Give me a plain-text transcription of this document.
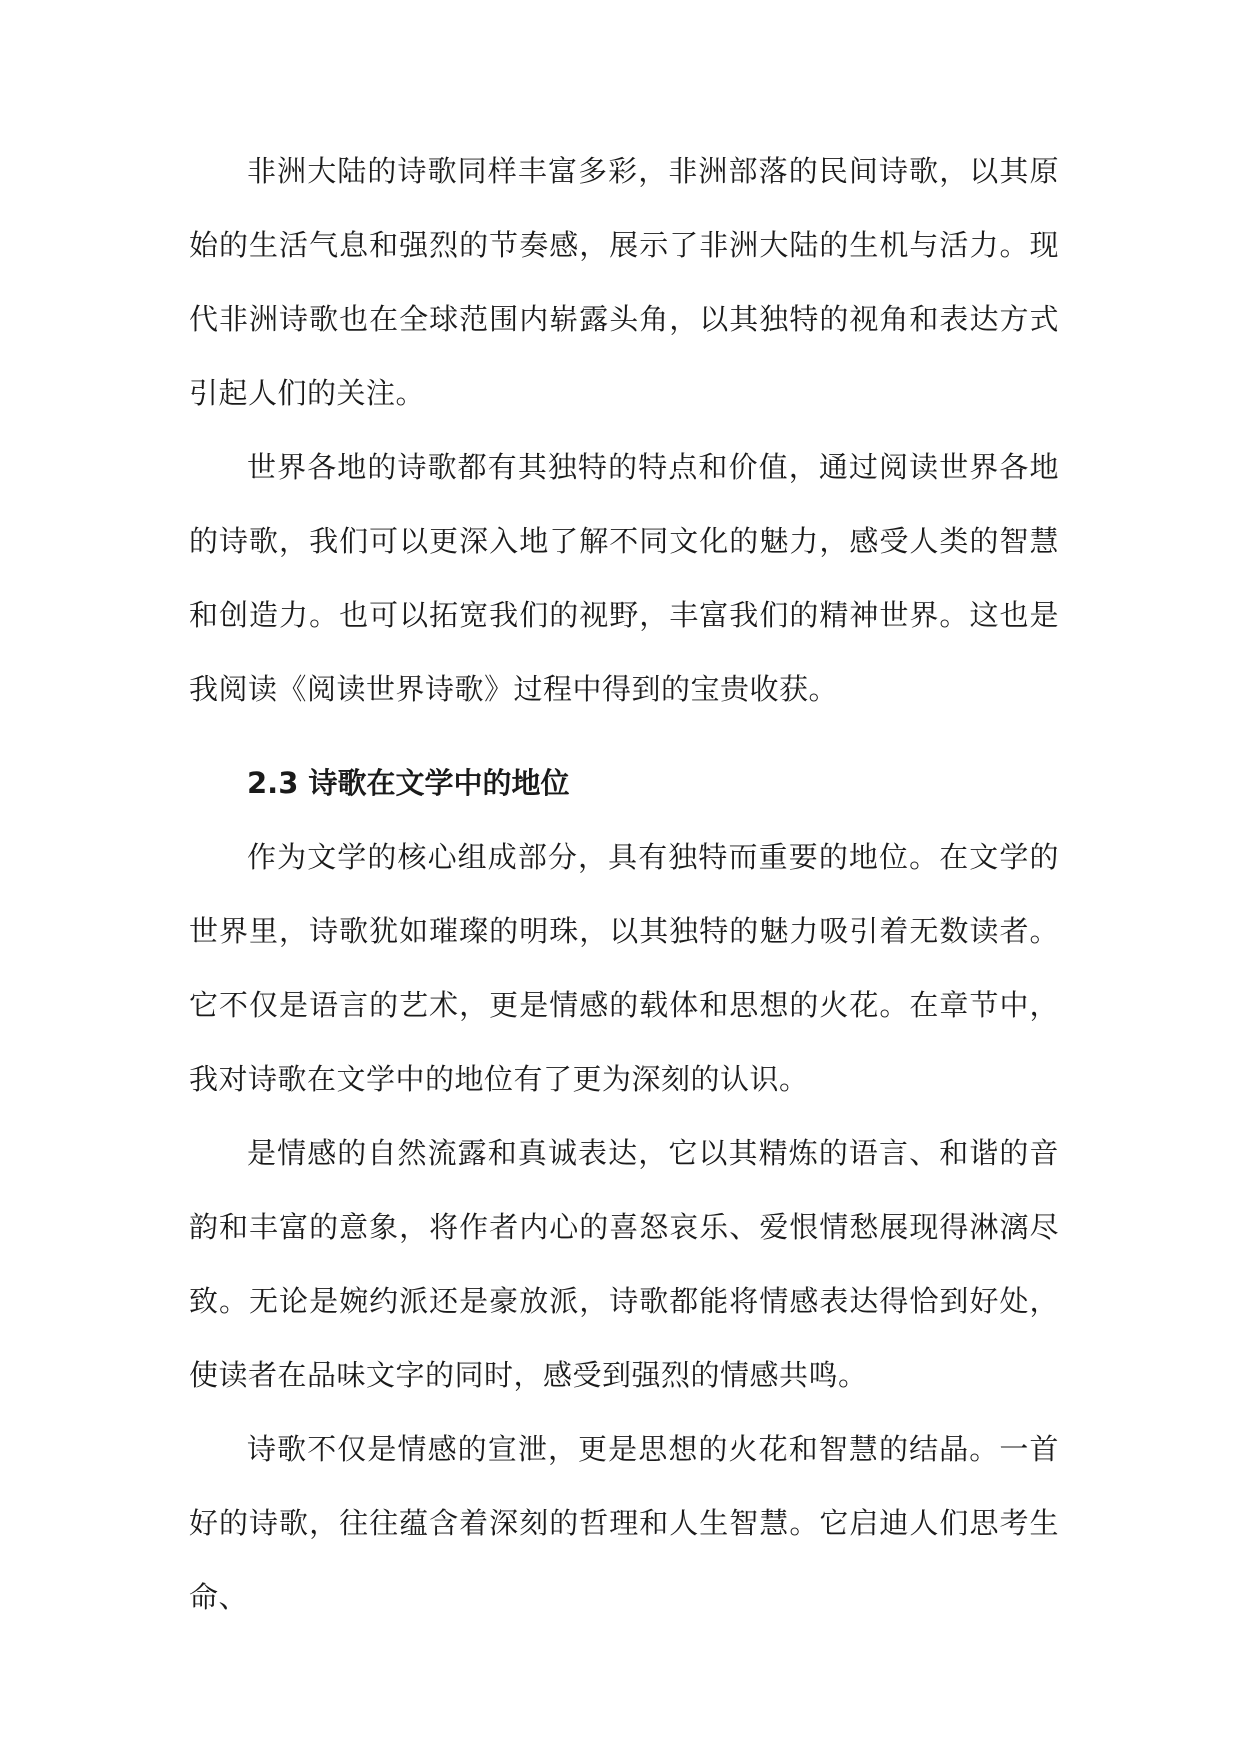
非洲大陆的诗歌同样丰富多彩，非洲部落的民间诗歌，以其原始的生活气息和强烈的节奏感，展示了非洲大陆的生机与活力。现代非洲诗歌也在全球范围内崭露头角，以其独特的视角和表达方式引起人们的关注。

世界各地的诗歌都有其独特的特点和价值，通过阅读世界各地的诗歌，我们可以更深入地了解不同文化的魅力，感受人类的智慧和创造力。也可以拓宽我们的视野，丰富我们的精神世界。这也是我阅读《阅读世界诗歌》过程中得到的宝贵收获。

2.3 诗歌在文学中的地位

作为文学的核心组成部分，具有独特而重要的地位。在文学的世界里，诗歌犹如璀璨的明珠，以其独特的魅力吸引着无数读者。它不仅是语言的艺术，更是情感的载体和思想的火花。在章节中，我对诗歌在文学中的地位有了更为深刻的认识。

是情感的自然流露和真诚表达，它以其精炼的语言、和谐的音韵和丰富的意象，将作者内心的喜怒哀乐、爱恨情愁展现得淋漓尽致。无论是婉约派还是豪放派，诗歌都能将情感表达得恰到好处，使读者在品味文字的同时，感受到强烈的情感共鸣。

诗歌不仅是情感的宣泄，更是思想的火花和智慧的结晶。一首好的诗歌，往往蕴含着深刻的哲理和人生智慧。它启迪人们思考生命、
